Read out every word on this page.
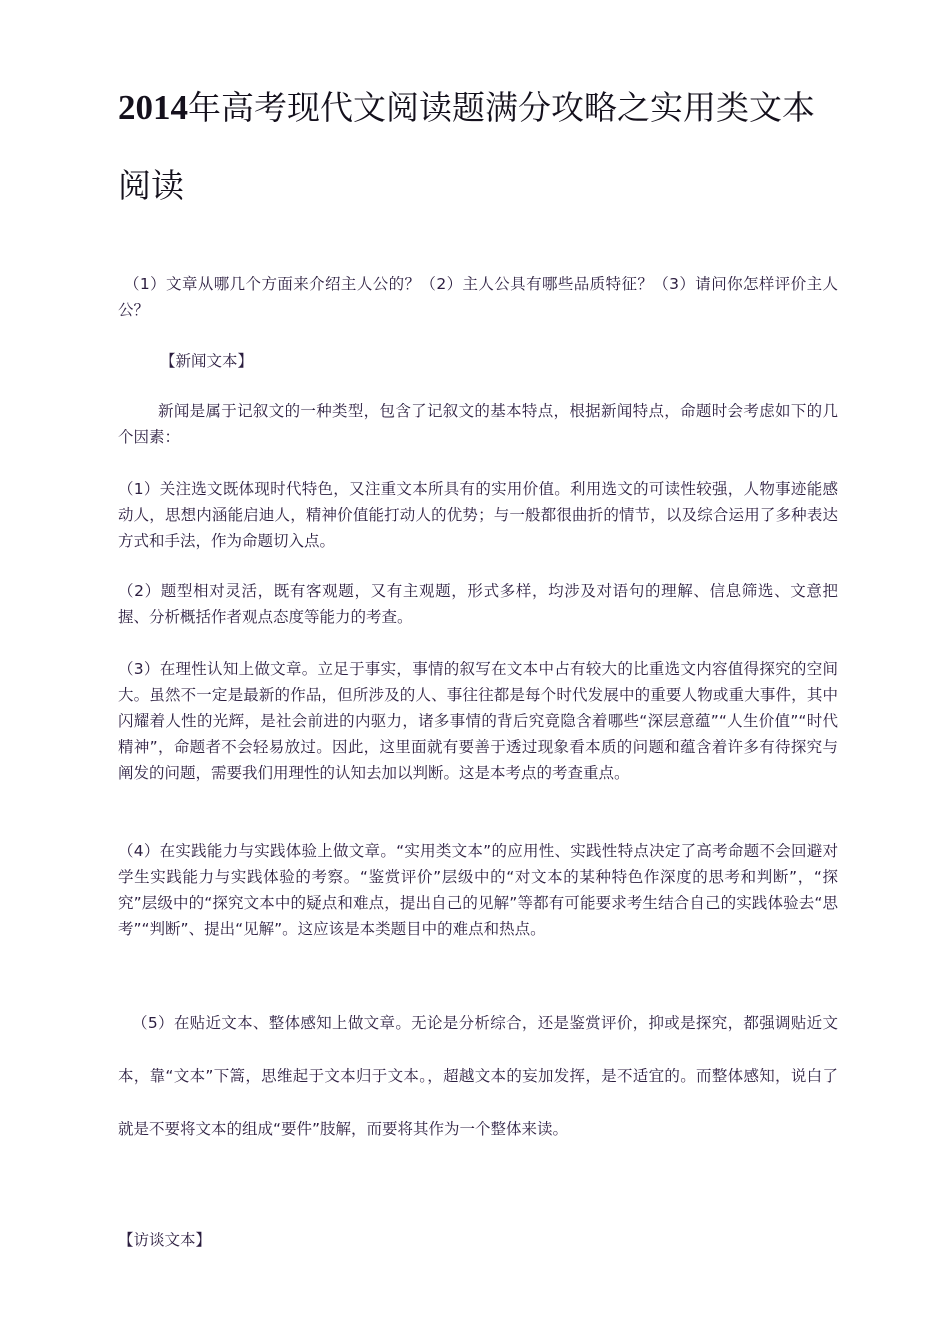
2014年高考现代文阅读题满分攻略之实用类文本阅读

（1）文章从哪几个方面来介绍主人公的？（2）主人公具有哪些品质特征？（3）请问你怎样评价主人公？

【新闻文本】

新闻是属于记叙文的一种类型，包含了记叙文的基本特点，根据新闻特点，命题时会考虑如下的几个因素：

（1）关注选文既体现时代特色，又注重文本所具有的实用价值。利用选文的可读性较强，人物事迹能感动人，思想内涵能启迪人，精神价值能打动人的优势；与一般都很曲折的情节，以及综合运用了多种表达方式和手法，作为命题切入点。

（2）题型相对灵活，既有客观题，又有主观题，形式多样，均涉及对语句的理解、信息筛选、文意把握、分析概括作者观点态度等能力的考查。

（3）在理性认知上做文章。立足于事实，事情的叙写在文本中占有较大的比重选文内容值得探究的空间大。虽然不一定是最新的作品，但所涉及的人、事往往都是每个时代发展中的重要人物或重大事件，其中闪耀着人性的光辉，是社会前进的内驱力，诸多事情的背后究竟隐含着哪些“深层意蕴”“人生价值”“时代精神”，命题者不会轻易放过。因此，这里面就有要善于透过现象看本质的问题和蕴含着许多有待探究与阐发的问题，需要我们用理性的认知去加以判断。这是本考点的考查重点。

（4）在实践能力与实践体验上做文章。“实用类文本”的应用性、实践性特点决定了高考命题不会回避对学生实践能力与实践体验的考察。“鉴赏评价”层级中的“对文本的某种特色作深度的思考和判断”，“探究”层级中的“探究文本中的疑点和难点，提出自己的见解”等都有可能要求考生结合自己的实践体验去“思考”“判断”、提出“见解”。这应该是本类题目中的难点和热点。

（5）在贴近文本、整体感知上做文章。无论是分析综合，还是鉴赏评价，抑或是探究，都强调贴近文本，靠“文本”下篙，思维起于文本归于文本。，超越文本的妄加发挥，是不适宜的。而整体感知，说白了就是不要将文本的组成“要件”肢解，而要将其作为一个整体来读。

【访谈文本】
